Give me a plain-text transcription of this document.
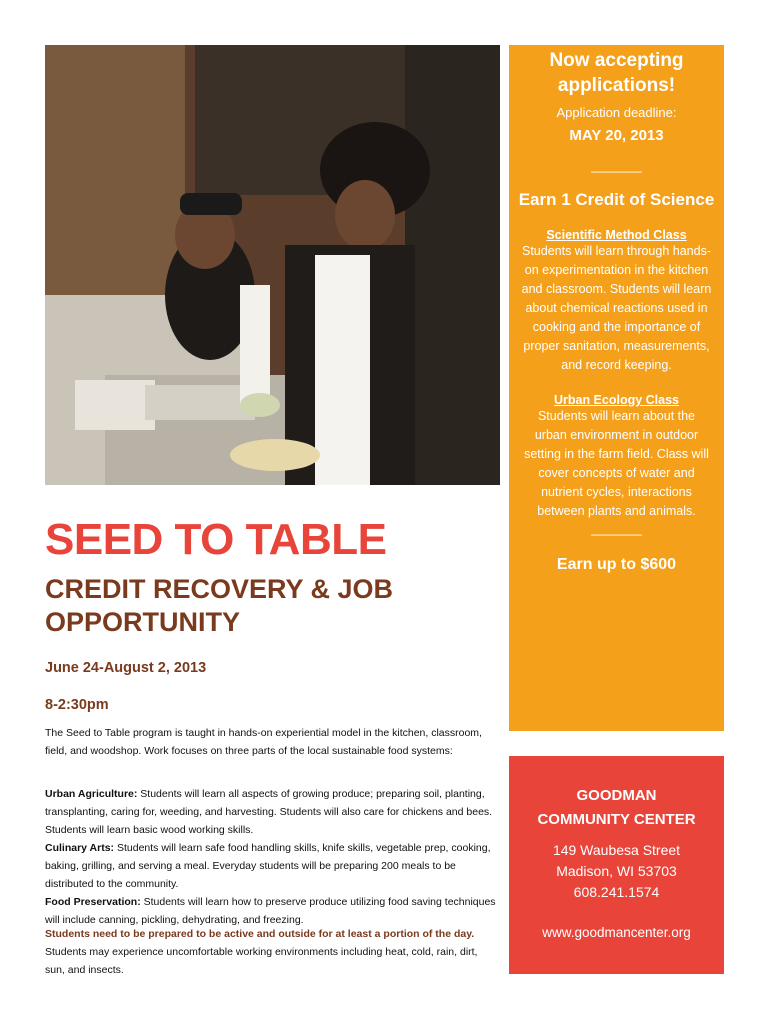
Now accepting applications!
Application deadline:
MAY 20, 2013
_______
Earn 1 Credit of Science
Scientific Method Class
Students will learn through hands-on experimentation in the kitchen and classroom. Students will learn about chemical reactions used in cooking and the importance of proper sanitation, measurements, and record keeping.
Urban Ecology Class
Students will learn about the urban environment in outdoor setting in the farm field. Class will cover concepts of water and nutrient cycles, interactions between plants and animals.
_______
Earn up to $600
GOODMAN
COMMUNITY CENTER
149 Waubesa Street
Madison, WI 53703
608.241.1574
www.goodmancenter.org
SEED TO TABLE
CREDIT RECOVERY & JOB OPPORTUNITY
June 24-August 2, 2013
8-2:30pm
The Seed to Table program is taught in hands-on experiential model in the kitchen, classroom, field, and woodshop. Work focuses on three parts of the local sustainable food systems:
Urban Agriculture: Students will learn all aspects of growing produce; preparing soil, planting, transplanting, caring for, weeding, and harvesting. Students will also care for chickens and bees. Students will learn basic wood working skills.
Culinary Arts: Students will learn safe food handling skills, knife skills, vegetable prep, cooking, baking, grilling, and serving a meal. Everyday students will be preparing 200 meals to be distributed to the community.
Food Preservation: Students will learn how to preserve produce utilizing food saving techniques will include canning, pickling, dehydrating, and freezing.
Students need to be prepared to be active and outside for at least a portion of the day.
Students may experience uncomfortable working environments including heat, cold, rain, dirt, sun, and insects.
